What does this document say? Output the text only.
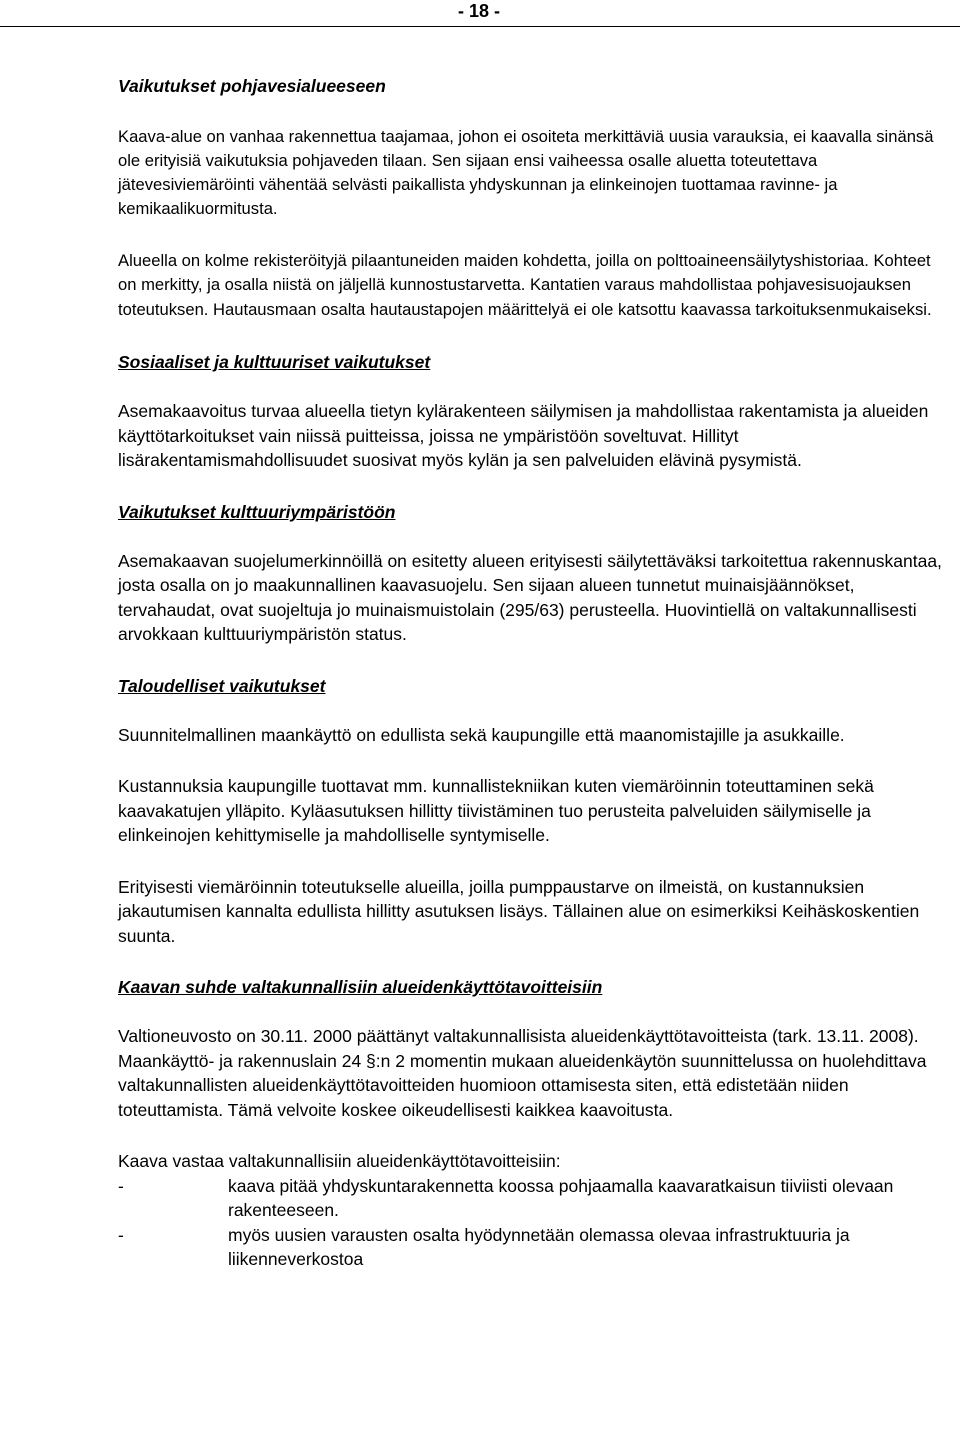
- 18 -
Vaikutukset pohjavesialueeseen

Kaava-alue on vanhaa rakennettua taajamaa, johon ei osoiteta merkittäviä uusia varauksia, ei kaavalla sinänsä ole erityisiä vaikutuksia pohjaveden tilaan. Sen sijaan ensi vaiheessa osalle aluetta toteutettava jätevesiviemäröinti vähentää selvästi paikallista yhdyskunnan ja elinkeinojen tuottamaa ravinne- ja kemikaalikuormitusta.

Alueella on kolme rekisteröityjä pilaantuneiden maiden kohdetta, joilla on polttoaineensäilytyshistoriaa. Kohteet on merkitty, ja osalla niistä on jäljellä kunnostustarvetta. Kantatien varaus mahdollistaa pohjavesisuojauksen toteutuksen. Hautausmaan osalta hautaustapojen määrittelyä ei ole katsottu kaavassa tarkoituksenmukaiseksi.

Sosiaaliset ja kulttuuriset vaikutukset

Asemakaavoitus turvaa alueella tietyn kylärakenteen säilymisen ja mahdollistaa rakentamista ja alueiden käyttötarkoitukset vain niissä puitteissa, joissa ne ympäristöön soveltuvat. Hillityt lisärakentamismahdollisuudet suosivat myös kylän ja sen palveluiden elävinä pysymistä.

Vaikutukset kulttuuriympäristöön

Asemakaavan suojelumerkinnöillä on esitetty alueen erityisesti säilytettäväksi tarkoitettua rakennuskantaa, josta osalla on jo maakunnallinen kaavasuojelu. Sen sijaan alueen tunnetut muinaisjäännökset, tervahaudat, ovat suojeltuja jo muinaismuistolain (295/63) perusteella. Huovintiellä on valtakunnallisesti arvokkaan kulttuuriympäristön status.

Taloudelliset vaikutukset

Suunnitelmallinen maankäyttö on edullista sekä kaupungille että maanomistajille ja asukkaille.

Kustannuksia kaupungille tuottavat mm. kunnallistekniikan kuten viemäröinnin toteuttaminen sekä kaavakatujen ylläpito. Kyläasutuksen hillitty tiivistäminen tuo perusteita palveluiden säilymiselle ja elinkeinojen kehittymiselle ja mahdolliselle syntymiselle.

Erityisesti viemäröinnin toteutukselle alueilla, joilla pumppaustarve on ilmeistä, on kustannuksien jakautumisen kannalta edullista hillitty asutuksen lisäys. Tällainen alue on esimerkiksi Keihäskoskentien suunta.

Kaavan suhde valtakunnallisiin alueidenkäyttötavoitteisiin

Valtioneuvosto on 30.11. 2000 päättänyt valtakunnallisista alueidenkäyttötavoitteista (tark. 13.11. 2008). Maankäyttö- ja rakennuslain 24 §:n 2 momentin mukaan alueidenkäytön suunnittelussa on huolehdittava valtakunnallisten alueidenkäyttötavoitteiden huomioon ottamisesta siten, että edistetään niiden toteuttamista. Tämä velvoite koskee oikeudellisesti kaikkea kaavoitusta.

Kaava vastaa valtakunnallisiin alueidenkäyttötavoitteisiin:

-	kaava pitää yhdyskuntarakennetta koossa pohjaamalla kaavaratkaisun tiiviisti olevaan rakenteeseen.
-	myös uusien varausten osalta hyödynnetään olemassa olevaa infrastruktuuria ja liikenneverkostoa
